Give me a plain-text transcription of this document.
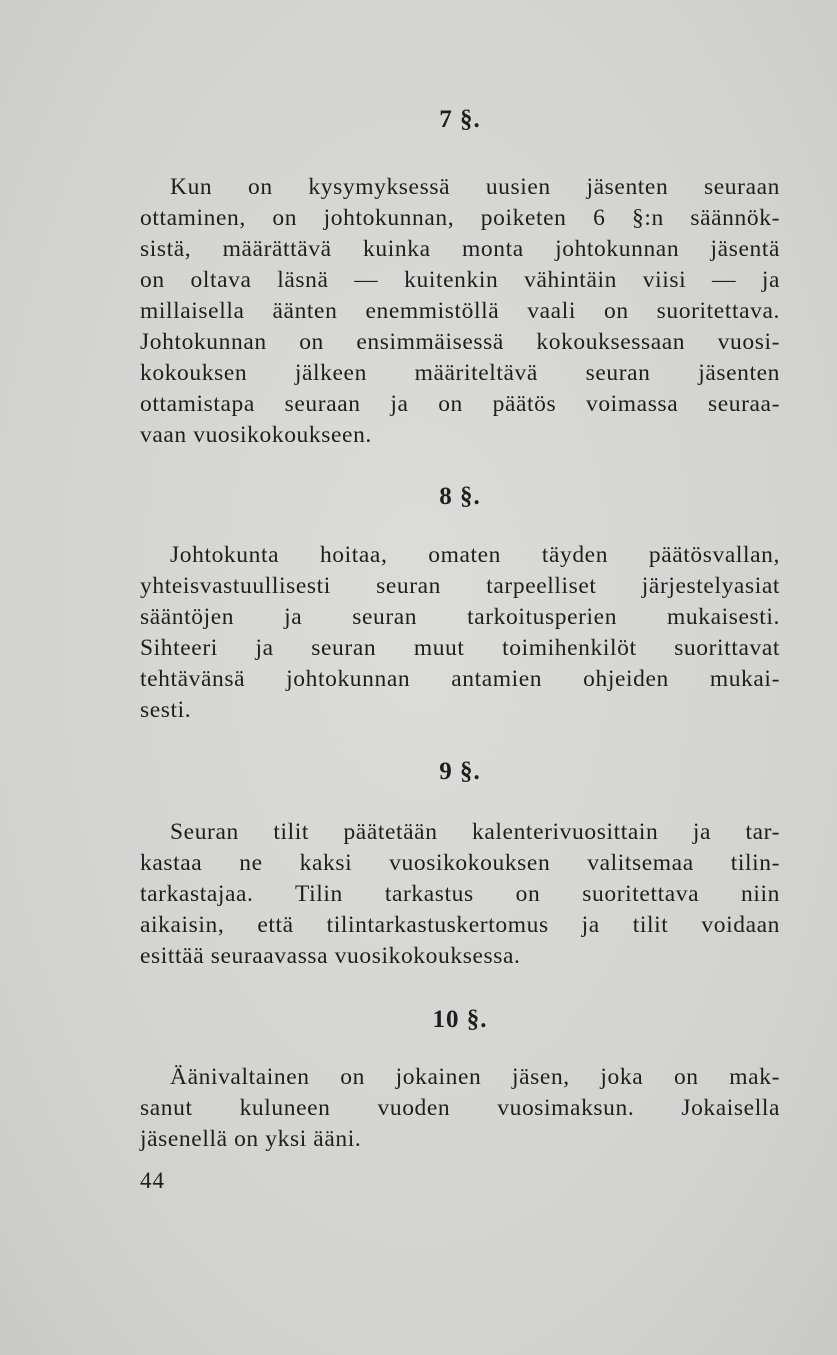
7 §.
Kun on kysymyksessä uusien jäsenten seuraan
ottaminen, on johtokunnan, poiketen 6 §:n säännök-
sistä, määrättävä kuinka monta johtokunnan jäsentä
on oltava läsnä — kuitenkin vähintäin viisi — ja
millaisella äänten enemmistöllä vaali on suoritettava.
Johtokunnan on ensimmäisessä kokouksessaan vuosi-
kokouksen jälkeen määriteltävä seuran jäsenten
ottamistapa seuraan ja on päätös voimassa seuraa-
vaan vuosikokoukseen.
8 §.
Johtokunta hoitaa, omaten täyden päätösvallan,
yhteisvastuullisesti seuran tarpeelliset järjestelyasiat
sääntöjen ja seuran tarkoitusperien mukaisesti.
Sihteeri ja seuran muut toimihenkilöt suorittavat
tehtävänsä johtokunnan antamien ohjeiden mukai-
sesti.
9 §.
Seuran tilit päätetään kalenterivuosittain ja tar-
kastaa ne kaksi vuosikokouksen valitsemaa tilin-
tarkastajaa. Tilin tarkastus on suoritettava niin
aikaisin, että tilintarkastuskertomus ja tilit voidaan
esittää seuraavassa vuosikokouksessa.
10 §.
Äänivaltainen on jokainen jäsen, joka on mak-
sanut kuluneen vuoden vuosimaksun. Jokaisella
jäsenellä on yksi ääni.
44
